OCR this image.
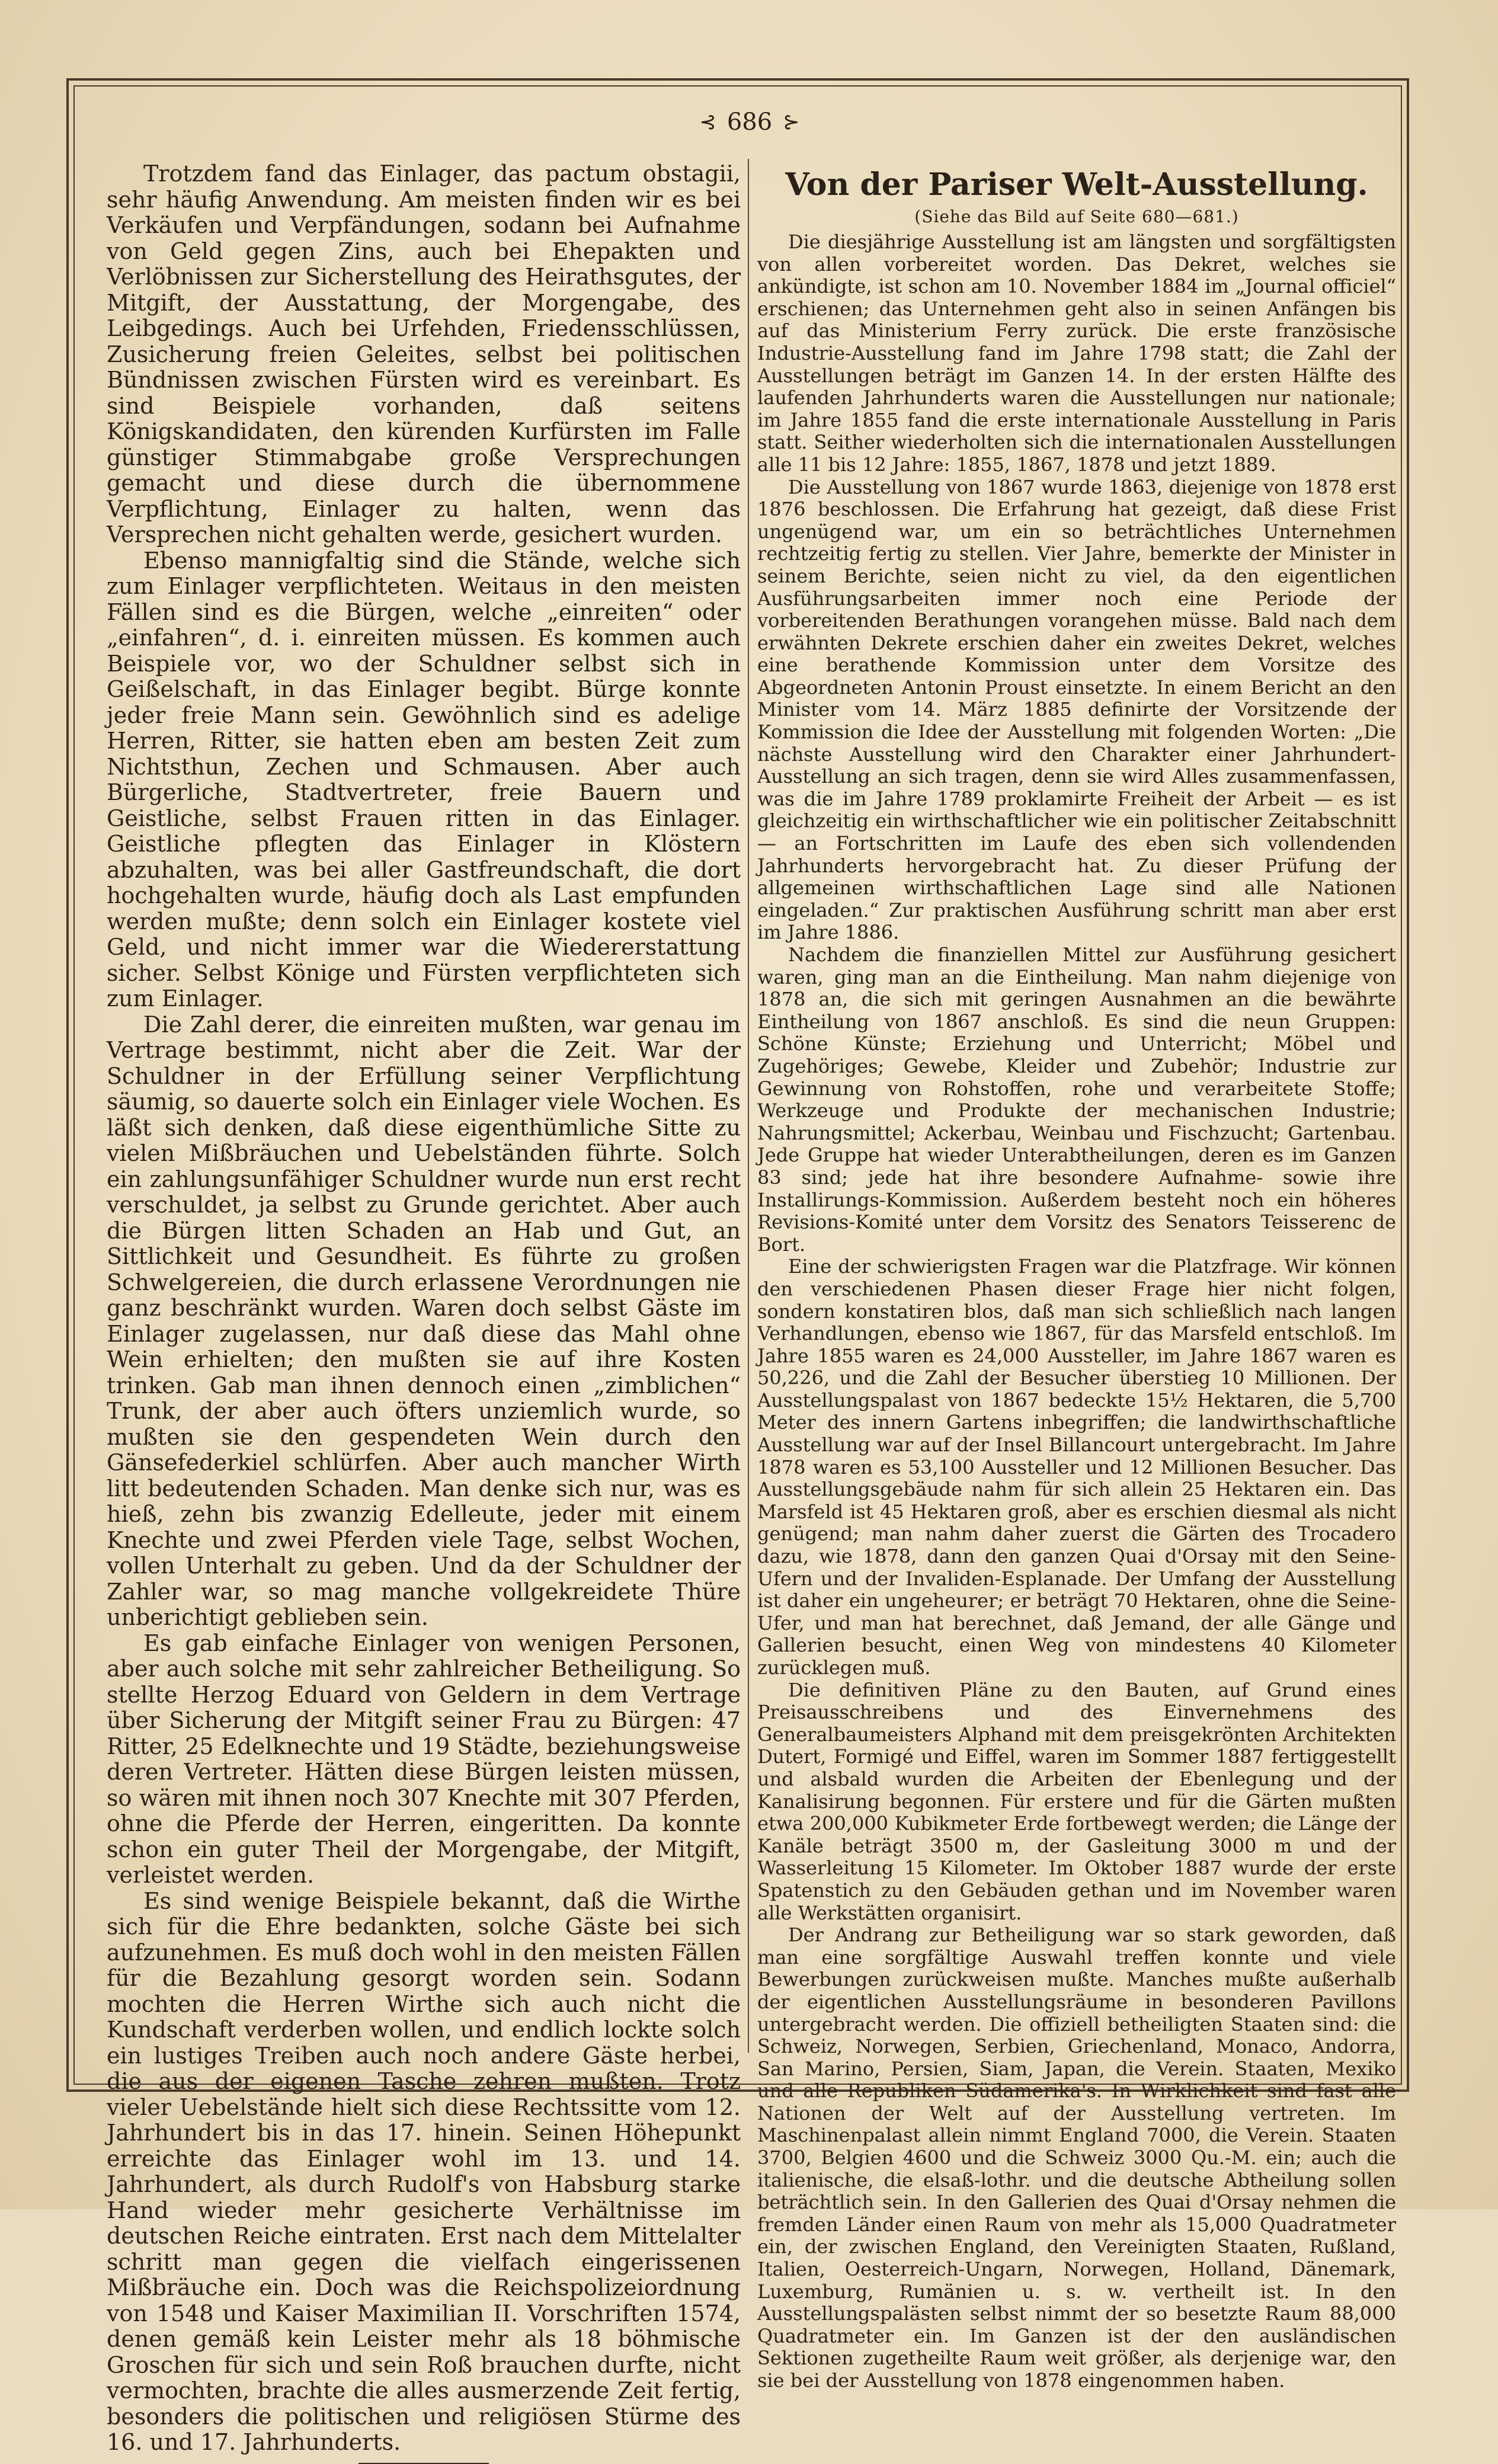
⊰ 686 ⊱

Trotzdem fand das Einlager, das pactum obstagii, sehr häufig Anwendung. Am meisten finden wir es bei Verkäufen und Verpfändungen, sodann bei Aufnahme von Geld gegen Zins, auch bei Ehepakten und Verlöbnissen zur Sicherstellung des Heirathsgutes, der Mitgift, der Ausstattung, der Morgengabe, des Leibgedings. Auch bei Urfehden, Friedensschlüssen, Zusicherung freien Geleites, selbst bei politischen Bündnissen zwischen Fürsten wird es vereinbart. Es sind Beispiele vorhanden, daß seitens Königskandidaten, den kürenden Kurfürsten im Falle günstiger Stimmabgabe große Versprechungen gemacht und diese durch die übernommene Verpflichtung, Einlager zu halten, wenn das Versprechen nicht gehalten werde, gesichert wurden.

Ebenso mannigfaltig sind die Stände, welche sich zum Einlager verpflichteten. Weitaus in den meisten Fällen sind es die Bürgen, welche „einreiten“ oder „einfahren“, d. i. einreiten müssen. Es kommen auch Beispiele vor, wo der Schuldner selbst sich in Geißelschaft, in das Einlager begibt. Bürge konnte jeder freie Mann sein. Gewöhnlich sind es adelige Herren, Ritter, sie hatten eben am besten Zeit zum Nichtsthun, Zechen und Schmausen. Aber auch Bürgerliche, Stadtvertreter, freie Bauern und Geistliche, selbst Frauen ritten in das Einlager. Geistliche pflegten das Einlager in Klöstern abzuhalten, was bei aller Gastfreundschaft, die dort hochgehalten wurde, häufig doch als Last empfunden werden mußte; denn solch ein Einlager kostete viel Geld, und nicht immer war die Wiedererstattung sicher. Selbst Könige und Fürsten verpflichteten sich zum Einlager.

Die Zahl derer, die einreiten mußten, war genau im Vertrage bestimmt, nicht aber die Zeit. War der Schuldner in der Erfüllung seiner Verpflichtung säumig, so dauerte solch ein Einlager viele Wochen. Es läßt sich denken, daß diese eigenthümliche Sitte zu vielen Mißbräuchen und Uebelständen führte. Solch ein zahlungsunfähiger Schuldner wurde nun erst recht verschuldet, ja selbst zu Grunde gerichtet. Aber auch die Bürgen litten Schaden an Hab und Gut, an Sittlichkeit und Gesundheit. Es führte zu großen Schwelgereien, die durch erlassene Verordnungen nie ganz beschränkt wurden. Waren doch selbst Gäste im Einlager zugelassen, nur daß diese das Mahl ohne Wein erhielten; den mußten sie auf ihre Kosten trinken. Gab man ihnen dennoch einen „zimblichen“ Trunk, der aber auch öfters unziemlich wurde, so mußten sie den gespendeten Wein durch den Gänsefederkiel schlürfen. Aber auch mancher Wirth litt bedeutenden Schaden. Man denke sich nur, was es hieß, zehn bis zwanzig Edelleute, jeder mit einem Knechte und zwei Pferden viele Tage, selbst Wochen, vollen Unterhalt zu geben. Und da der Schuldner der Zahler war, so mag manche vollgekreidete Thüre unberichtigt geblieben sein.

Es gab einfache Einlager von wenigen Personen, aber auch solche mit sehr zahlreicher Betheiligung. So stellte Herzog Eduard von Geldern in dem Vertrage über Sicherung der Mitgift seiner Frau zu Bürgen: 47 Ritter, 25 Edelknechte und 19 Städte, beziehungsweise deren Vertreter. Hätten diese Bürgen leisten müssen, so wären mit ihnen noch 307 Knechte mit 307 Pferden, ohne die Pferde der Herren, eingeritten. Da konnte schon ein guter Theil der Morgengabe, der Mitgift, verleistet werden.

Es sind wenige Beispiele bekannt, daß die Wirthe sich für die Ehre bedankten, solche Gäste bei sich aufzunehmen. Es muß doch wohl in den meisten Fällen für die Bezahlung gesorgt worden sein. Sodann mochten die Herren Wirthe sich auch nicht die Kundschaft verderben wollen, und endlich lockte solch ein lustiges Treiben auch noch andere Gäste herbei, die aus der eigenen Tasche zehren mußten. Trotz vieler Uebelstände hielt sich diese Rechtssitte vom 12. Jahrhundert bis in das 17. hinein. Seinen Höhepunkt erreichte das Einlager wohl im 13. und 14. Jahrhundert, als durch Rudolf's von Habsburg starke Hand wieder mehr gesicherte Verhältnisse im deutschen Reiche eintraten. Erst nach dem Mittelalter schritt man gegen die vielfach eingerissenen Mißbräuche ein. Doch was die Reichspolizeiordnung von 1548 und Kaiser Maximilian II. Vorschriften 1574, denen gemäß kein Leister mehr als 18 böhmische Groschen für sich und sein Roß brauchen durfte, nicht vermochten, brachte die alles ausmerzende Zeit fertig, besonders die politischen und religiösen Stürme des 16. und 17. Jahrhunderts.

Von der Pariser Welt-Ausstellung.
(Siehe das Bild auf Seite 680—681.)

Die diesjährige Ausstellung ist am längsten und sorgfältigsten von allen vorbereitet worden. Das Dekret, welches sie ankündigte, ist schon am 10. November 1884 im „Journal officiel“ erschienen; das Unternehmen geht also in seinen Anfängen bis auf das Ministerium Ferry zurück. Die erste französische Industrie-Ausstellung fand im Jahre 1798 statt; die Zahl der Ausstellungen beträgt im Ganzen 14. In der ersten Hälfte des laufenden Jahrhunderts waren die Ausstellungen nur nationale; im Jahre 1855 fand die erste internationale Ausstellung in Paris statt. Seither wiederholten sich die internationalen Ausstellungen alle 11 bis 12 Jahre: 1855, 1867, 1878 und jetzt 1889.

Die Ausstellung von 1867 wurde 1863, diejenige von 1878 erst 1876 beschlossen. Die Erfahrung hat gezeigt, daß diese Frist ungenügend war, um ein so beträchtliches Unternehmen rechtzeitig fertig zu stellen. Vier Jahre, bemerkte der Minister in seinem Berichte, seien nicht zu viel, da den eigentlichen Ausführungsarbeiten immer noch eine Periode der vorbereitenden Berathungen vorangehen müsse. Bald nach dem erwähnten Dekrete erschien daher ein zweites Dekret, welches eine berathende Kommission unter dem Vorsitze des Abgeordneten Antonin Proust einsetzte. In einem Bericht an den Minister vom 14. März 1885 definirte der Vorsitzende der Kommission die Idee der Ausstellung mit folgenden Worten: „Die nächste Ausstellung wird den Charakter einer Jahrhundert-Ausstellung an sich tragen, denn sie wird Alles zusammenfassen, was die im Jahre 1789 proklamirte Freiheit der Arbeit — es ist gleichzeitig ein wirthschaftlicher wie ein politischer Zeitabschnitt — an Fortschritten im Laufe des eben sich vollendenden Jahrhunderts hervorgebracht hat. Zu dieser Prüfung der allgemeinen wirthschaftlichen Lage sind alle Nationen eingeladen.“ Zur praktischen Ausführung schritt man aber erst im Jahre 1886.

Nachdem die finanziellen Mittel zur Ausführung gesichert waren, ging man an die Eintheilung. Man nahm diejenige von 1878 an, die sich mit geringen Ausnahmen an die bewährte Eintheilung von 1867 anschloß. Es sind die neun Gruppen: Schöne Künste; Erziehung und Unterricht; Möbel und Zugehöriges; Gewebe, Kleider und Zubehör; Industrie zur Gewinnung von Rohstoffen, rohe und verarbeitete Stoffe; Werkzeuge und Produkte der mechanischen Industrie; Nahrungsmittel; Ackerbau, Weinbau und Fischzucht; Gartenbau. Jede Gruppe hat wieder Unterabtheilungen, deren es im Ganzen 83 sind; jede hat ihre besondere Aufnahme- sowie ihre Installirungs-Kommission. Außerdem besteht noch ein höheres Revisions-Komité unter dem Vorsitz des Senators Teisserenc de Bort.

Eine der schwierigsten Fragen war die Platzfrage. Wir können den verschiedenen Phasen dieser Frage hier nicht folgen, sondern konstatiren blos, daß man sich schließlich nach langen Verhandlungen, ebenso wie 1867, für das Marsfeld entschloß. Im Jahre 1855 waren es 24,000 Aussteller, im Jahre 1867 waren es 50,226, und die Zahl der Besucher überstieg 10 Millionen. Der Ausstellungspalast von 1867 bedeckte 15½ Hektaren, die 5,700 Meter des innern Gartens inbegriffen; die landwirthschaftliche Ausstellung war auf der Insel Billancourt untergebracht. Im Jahre 1878 waren es 53,100 Aussteller und 12 Millionen Besucher. Das Ausstellungsgebäude nahm für sich allein 25 Hektaren ein. Das Marsfeld ist 45 Hektaren groß, aber es erschien diesmal als nicht genügend; man nahm daher zuerst die Gärten des Trocadero dazu, wie 1878, dann den ganzen Quai d'Orsay mit den Seine-Ufern und der Invaliden-Esplanade. Der Umfang der Ausstellung ist daher ein ungeheurer; er beträgt 70 Hektaren, ohne die Seine-Ufer, und man hat berechnet, daß Jemand, der alle Gänge und Gallerien besucht, einen Weg von mindestens 40 Kilometer zurücklegen muß.

Die definitiven Pläne zu den Bauten, auf Grund eines Preisausschreibens und des Einvernehmens des Generalbaumeisters Alphand mit dem preisgekrönten Architekten Dutert, Formigé und Eiffel, waren im Sommer 1887 fertiggestellt und alsbald wurden die Arbeiten der Ebenlegung und der Kanalisirung begonnen. Für erstere und für die Gärten mußten etwa 200,000 Kubikmeter Erde fortbewegt werden; die Länge der Kanäle beträgt 3500 m, der Gasleitung 3000 m und der Wasserleitung 15 Kilometer. Im Oktober 1887 wurde der erste Spatenstich zu den Gebäuden gethan und im November waren alle Werkstätten organisirt.

Der Andrang zur Betheiligung war so stark geworden, daß man eine sorgfältige Auswahl treffen konnte und viele Bewerbungen zurückweisen mußte. Manches mußte außerhalb der eigentlichen Ausstellungsräume in besonderen Pavillons untergebracht werden. Die offiziell betheiligten Staaten sind: die Schweiz, Norwegen, Serbien, Griechenland, Monaco, Andorra, San Marino, Persien, Siam, Japan, die Verein. Staaten, Mexiko und alle Republiken Südamerika's. In Wirklichkeit sind fast alle Nationen der Welt auf der Ausstellung vertreten. Im Maschinenpalast allein nimmt England 7000, die Verein. Staaten 3700, Belgien 4600 und die Schweiz 3000 Qu.-M. ein; auch die italienische, die elsaß-lothr. und die deutsche Abtheilung sollen beträchtlich sein. In den Gallerien des Quai d'Orsay nehmen die fremden Länder einen Raum von mehr als 15,000 Quadratmeter ein, der zwischen England, den Vereinigten Staaten, Rußland, Italien, Oesterreich-Ungarn, Norwegen, Holland, Dänemark, Luxemburg, Rumänien u. s. w. vertheilt ist. In den Ausstellungspalästen selbst nimmt der so besetzte Raum 88,000 Quadratmeter ein. Im Ganzen ist der den ausländischen Sektionen zugetheilte Raum weit größer, als derjenige war, den sie bei der Ausstellung von 1878 eingenommen haben.
